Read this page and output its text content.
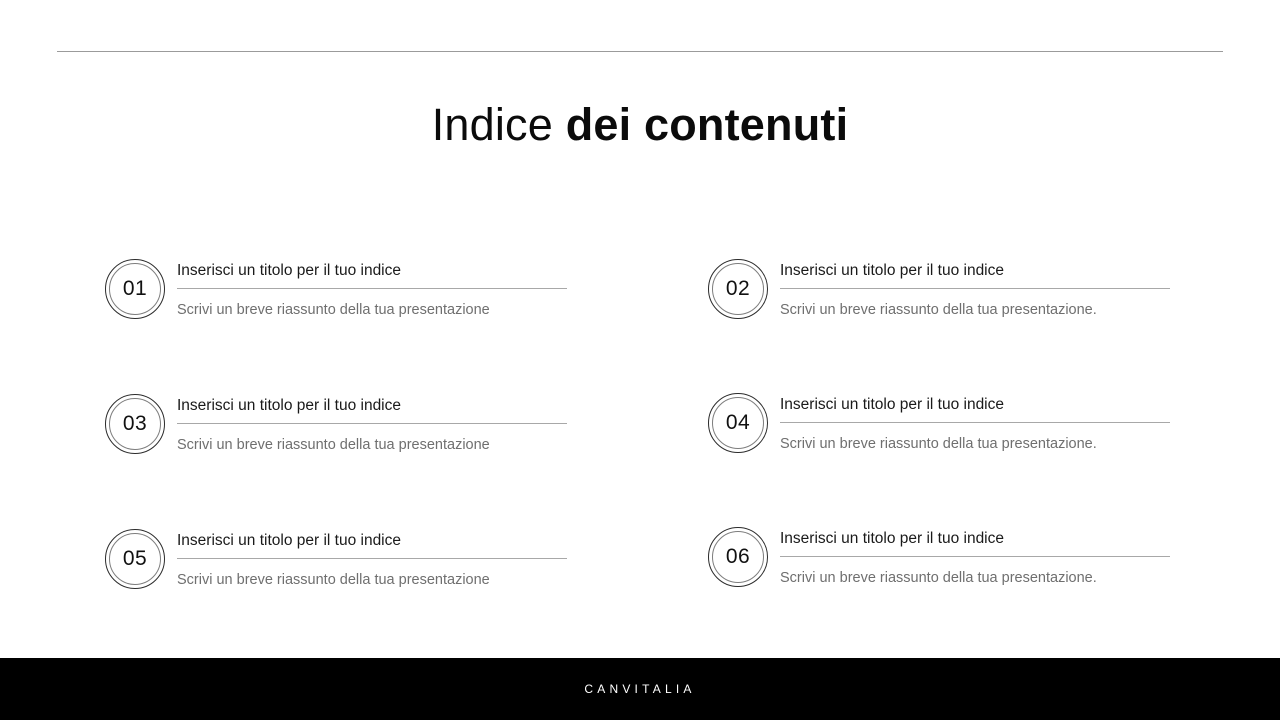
Indice dei contenuti
01
Inserisci un titolo per il tuo indice
Scrivi un breve riassunto della tua presentazione
02
Inserisci un titolo per il tuo indice
Scrivi un breve riassunto della tua presentazione.
03
Inserisci un titolo per il tuo indice
Scrivi un breve riassunto della tua presentazione
04
Inserisci un titolo per il tuo indice
Scrivi un breve riassunto della tua presentazione.
05
Inserisci un titolo per il tuo indice
Scrivi un breve riassunto della tua presentazione
06
Inserisci un titolo per il tuo indice
Scrivi un breve riassunto della tua presentazione.
CANVITALIA
